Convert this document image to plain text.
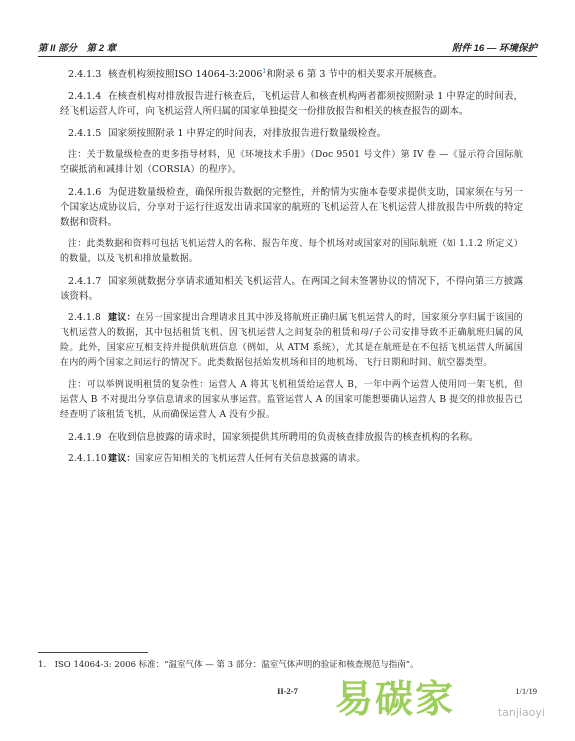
第 II 部分　第 2 章	附件 16 — 环境保护

2.4.1.3 核查机构须按照ISO 14064-3:2006$^1$和附录 6 第 3 节中的相关要求开展核查。

2.4.1.4 在核查机构对排放报告进行核查后，飞机运营人和核查机构两者都须按照附录 1 中界定的时间表，经飞机运营人许可，向飞机运营人所归属的国家单独提交一份排放报告和相关的核查报告的副本。

2.4.1.5 国家须按照附录 1 中界定的时间表，对排放报告进行数量级检查。

注：关于数量级检查的更多指导材料，见《环境技术手册》（Doc 9501 号文件）第 IV 卷 —《显示符合国际航空碳抵消和减排计划（CORSIA）的程序》。

2.4.1.6 为促进数量级检查，确保所报告数据的完整性，并酌情为实施本卷要求提供支助，国家须在与另一个国家达成协议后，分享对于运行往返发出请求国家的航班的飞机运营人在飞机运营人排放报告中所载的特定数据和资料。

注：此类数据和资料可包括飞机运营人的名称、报告年度、每个机场对或国家对的国际航班（如 1.1.2 所定义）的数量，以及飞机和排放量数据。

2.4.1.7 国家须就数据分享请求通知相关飞机运营人。在两国之间未签署协议的情况下，不得向第三方披露该资料。

2.4.1.8 建议：在另一国家提出合理请求且其中涉及将航班正确归属飞机运营人的时，国家须分享归属于该国的飞机运营人的数据，其中包括租赁飞机、因飞机运营人之间复杂的租赁和母/子公司安排导致不正确航班归属的风险。此外，国家应互相支持并提供航班信息（例如，从 ATM 系统），尤其是在航班是在不包括飞机运营人所属国在内的两个国家之间运行的情况下。此类数据包括始发机场和目的地机场、飞行日期和时间、航空器类型。

注：可以举例说明租赁的复杂性：运营人 A 将其飞机租赁给运营人 B，一年中两个运营人使用同一架飞机，但运营人 B 不对提出分享信息请求的国家从事运营。监管运营人 A 的国家可能想要确认运营人 B 提交的排放报告已经查明了该租赁飞机，从而确保运营人 A 没有少报。

2.4.1.9 在收到信息披露的请求时，国家须提供其所聘用的负责核查排放报告的核查机构的名称。

2.4.1.10建议：国家应告知相关的飞机运营人任何有关信息披露的请求。

1.　ISO 14064-3: 2006 标准：“温室气体 — 第 3 部分：温室气体声明的验证和核查规范与指南”。
II-2-7	1/1/19
易碳家	tanjiaoyi
